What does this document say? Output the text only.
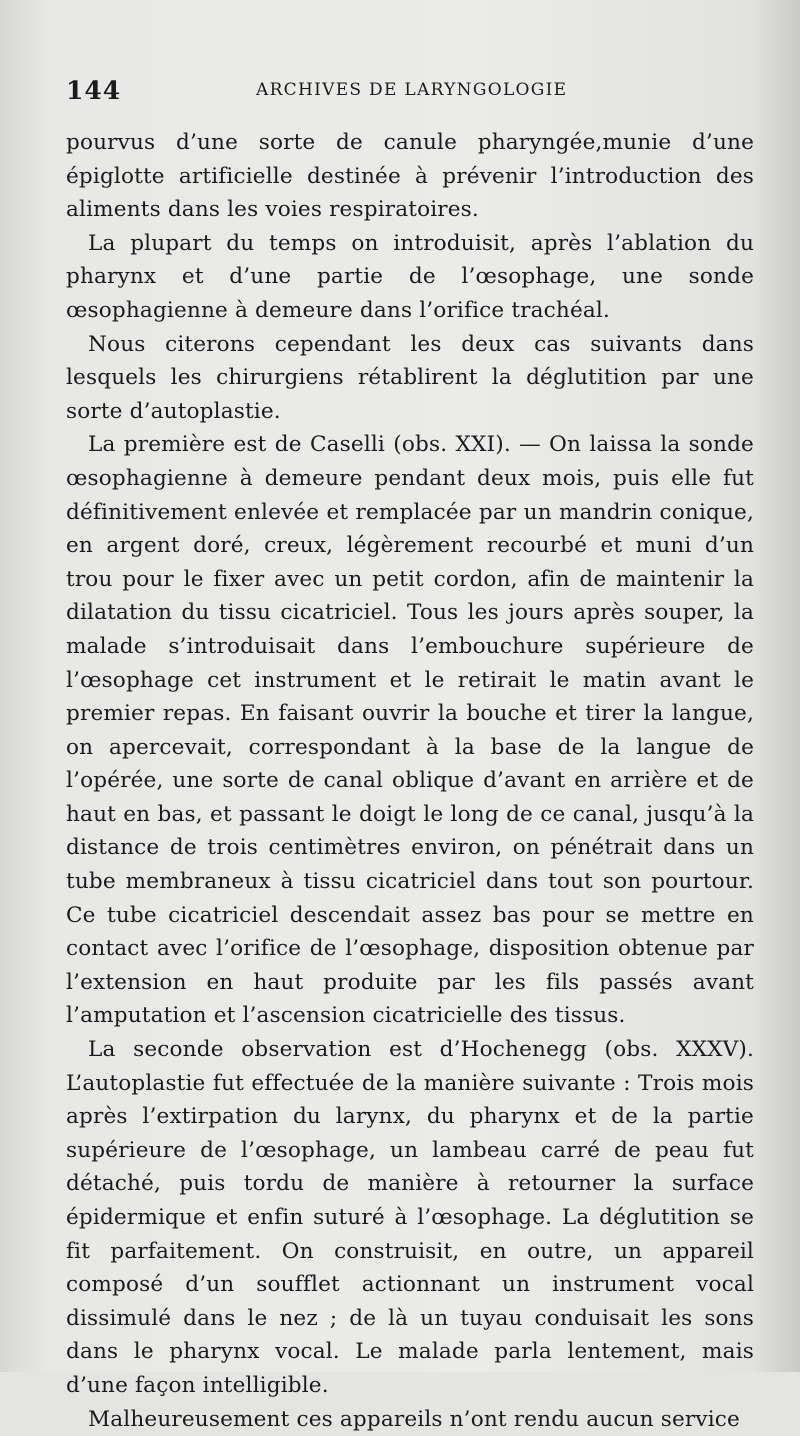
144	ARCHIVES DE LARYNGOLOGIE

pourvus d’une sorte de canule pharyngée,munie d’une épiglotte artificielle destinée à prévenir l’introduction des aliments dans les voies respiratoires.

La plupart du temps on introduisit, après l’ablation du pharynx et d’une partie de l’œsophage, une sonde œsophagienne à demeure dans l’orifice trachéal.

Nous citerons cependant les deux cas suivants dans lesquels les chirurgiens rétablirent la déglutition par une sorte d’autoplastie.

La première est de Caselli (obs. XXI). — On laissa la sonde œsophagienne à demeure pendant deux mois, puis elle fut définitivement enlevée et remplacée par un mandrin conique, en argent doré, creux, légèrement recourbé et muni d’un trou pour le fixer avec un petit cordon, afin de maintenir la dilatation du tissu cicatriciel. Tous les jours après souper, la malade s’introduisait dans l’embouchure supérieure de l’œsophage cet instrument et le retirait le matin avant le premier repas. En faisant ouvrir la bouche et tirer la langue, on apercevait, correspondant à la base de la langue de l’opérée, une sorte de canal oblique d’avant en arrière et de haut en bas, et passant le doigt le long de ce canal, jusqu’à la distance de trois centimètres environ, on pénétrait dans un tube membraneux à tissu cicatriciel dans tout son pourtour. Ce tube cicatriciel descendait assez bas pour se mettre en contact avec l’orifice de l’œsophage, disposition obtenue par l’extension en haut produite par les fils passés avant l’amputation et l’ascension cicatricielle des tissus.

La seconde observation est d’Hochenegg (obs. XXXV). L’autoplastie fut effectuée de la manière suivante : Trois mois après l’extirpation du larynx, du pharynx et de la partie supérieure de l’œsophage, un lambeau carré de peau fut détaché, puis tordu de manière à retourner la surface épidermique et enfin suturé à l’œsophage. La déglutition se fit parfaitement. On construisit, en outre, un appareil composé d’un soufflet actionnant un instrument vocal dissimulé dans le nez ; de là un tuyau conduisait les sons dans le pharynx vocal. Le malade parla lentement, mais d’une façon intelligible.

Malheureusement ces appareils n’ont rendu aucun service
